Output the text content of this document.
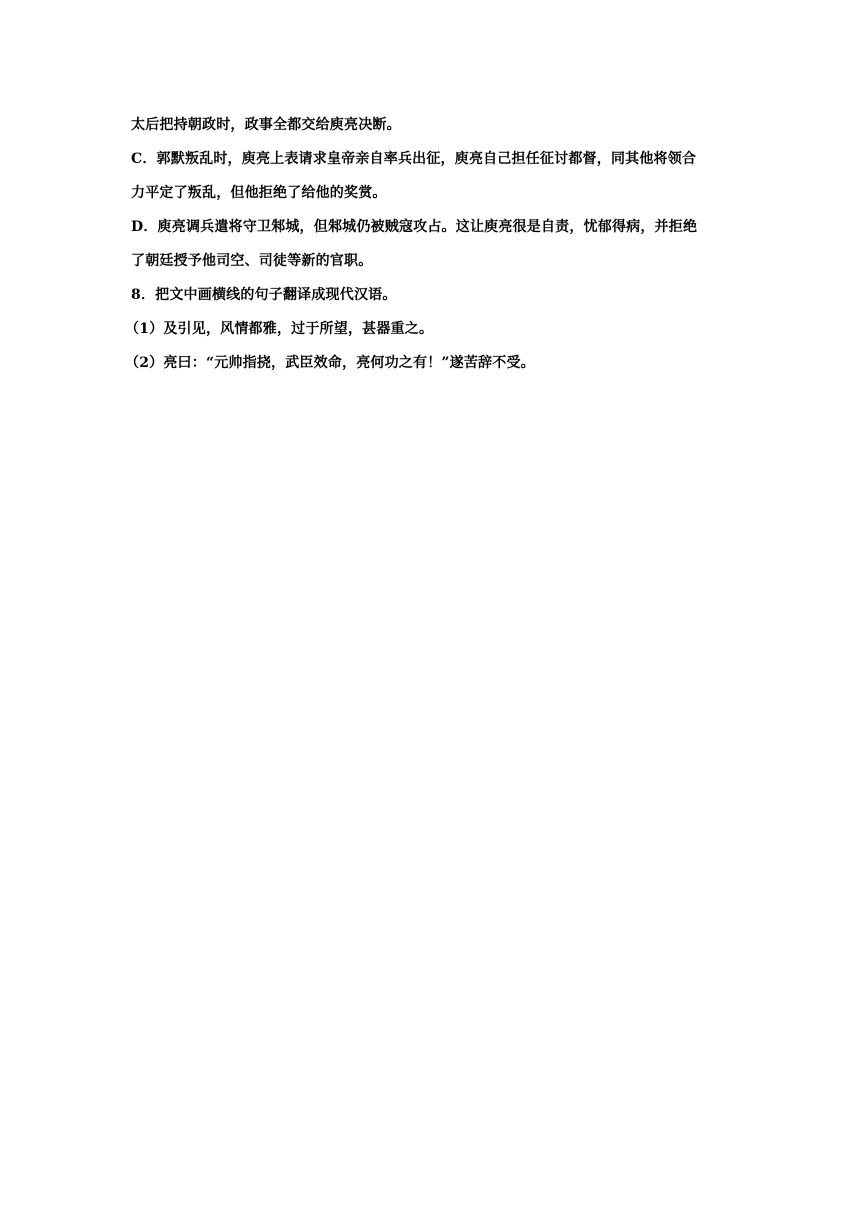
太后把持朝政时，政事全都交给庾亮决断。
C．郭默叛乱时，庾亮上表请求皇帝亲自率兵出征，庾亮自己担任征讨都督，同其他将领合
力平定了叛乱，但他拒绝了给他的奖赏。
D．庾亮调兵遣将守卫邾城，但邾城仍被贼寇攻占。这让庾亮很是自责，忧郁得病，并拒绝
了朝廷授予他司空、司徒等新的官职。
8．把文中画横线的句子翻译成现代汉语。
（1）及引见，风情都雅，过于所望，甚器重之。
（2）亮曰：“元帅指挠，武臣效命，亮何功之有！”遂苦辞不受。
